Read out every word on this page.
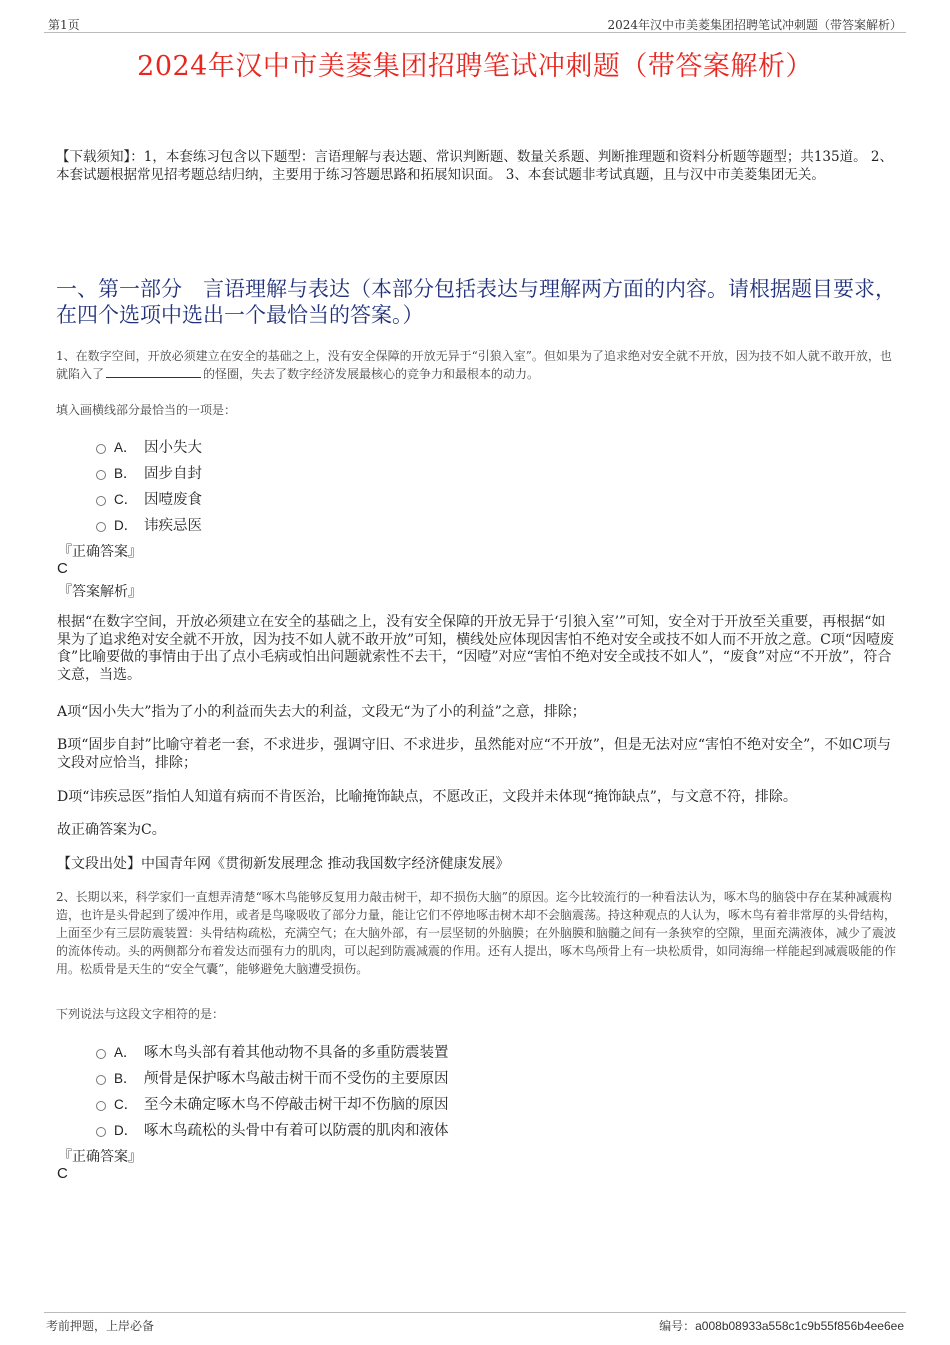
第1页	2024年汉中市美菱集团招聘笔试冲刺题（带答案解析）
2024年汉中市美菱集团招聘笔试冲刺题（带答案解析）
【下载须知】：1，本套练习包含以下题型：言语理解与表达题、常识判断题、数量关系题、判断推理题和资料分析题等题型；共135道。 2、本套试题根据常见招考题总结归纳，主要用于练习答题思路和拓展知识面。 3、本套试题非考试真题，且与汉中市美菱集团无关。
一、第一部分　言语理解与表达（本部分包括表达与理解两方面的内容。请根据题目要求，在四个选项中选出一个最恰当的答案。）
1、在数字空间，开放必须建立在安全的基础之上，没有安全保障的开放无异于“引狼入室”。但如果为了追求绝对安全就不开放，因为技不如人就不敢开放，也就陷入了	的怪圈，失去了数字经济发展最核心的竞争力和最根本的动力。
填入画横线部分最恰当的一项是：
A． 因小失大
B． 固步自封
C． 因噎废食
D． 讳疾忌医
『正确答案』
C
『答案解析』
根据“在数字空间，开放必须建立在安全的基础之上，没有安全保障的开放无异于‘引狼入室’”可知，安全对于开放至关重要，再根据“如果为了追求绝对安全就不开放，因为技不如人就不敢开放”可知，横线处应体现因害怕不绝对安全或技不如人而不开放之意。C项“因噎废食”比喻要做的事情由于出了点小毛病或怕出问题就索性不去干，“因噎”对应“害怕不绝对安全或技不如人”，“废食”对应“不开放”，符合文意，当选。
A项“因小失大”指为了小的利益而失去大的利益，文段无“为了小的利益”之意，排除；
B项“固步自封”比喻守着老一套，不求进步，强调守旧、不求进步，虽然能对应“不开放”，但是无法对应“害怕不绝对安全”，不如C项与文段对应恰当，排除；
D项“讳疾忌医”指怕人知道有病而不肯医治，比喻掩饰缺点，不愿改正，文段并未体现“掩饰缺点”，与文意不符，排除。
故正确答案为C。
【文段出处】中国青年网《贯彻新发展理念 推动我国数字经济健康发展》
2、长期以来，科学家们一直想弄清楚“啄木鸟能够反复用力敲击树干，却不损伤大脑”的原因。迄今比较流行的一种看法认为，啄木鸟的脑袋中存在某种减震构造，也许是头骨起到了缓冲作用，或者是鸟喙吸收了部分力量，能让它们不停地啄击树木却不会脑震荡。持这种观点的人认为，啄木鸟有着非常厚的头骨结构，上面至少有三层防震装置：头骨结构疏松，充满空气；在大脑外部，有一层坚韧的外脑膜；在外脑膜和脑髓之间有一条狭窄的空隙，里面充满液体，减少了震波的流体传动。头的两侧都分布着发达而强有力的肌肉，可以起到防震减震的作用。还有人提出，啄木鸟颅骨上有一块松质骨，如同海绵一样能起到减震吸能的作用。松质骨是天生的“安全气囊”，能够避免大脑遭受损伤。
下列说法与这段文字相符的是：
A． 啄木鸟头部有着其他动物不具备的多重防震装置
B． 颅骨是保护啄木鸟敲击树干而不受伤的主要原因
C． 至今未确定啄木鸟不停敲击树干却不伤脑的原因
D． 啄木鸟疏松的头骨中有着可以防震的肌肉和液体
『正确答案』
C
考前押题，上岸必备	编号：a008b08933a558c1c9b55f856b4ee6ee
